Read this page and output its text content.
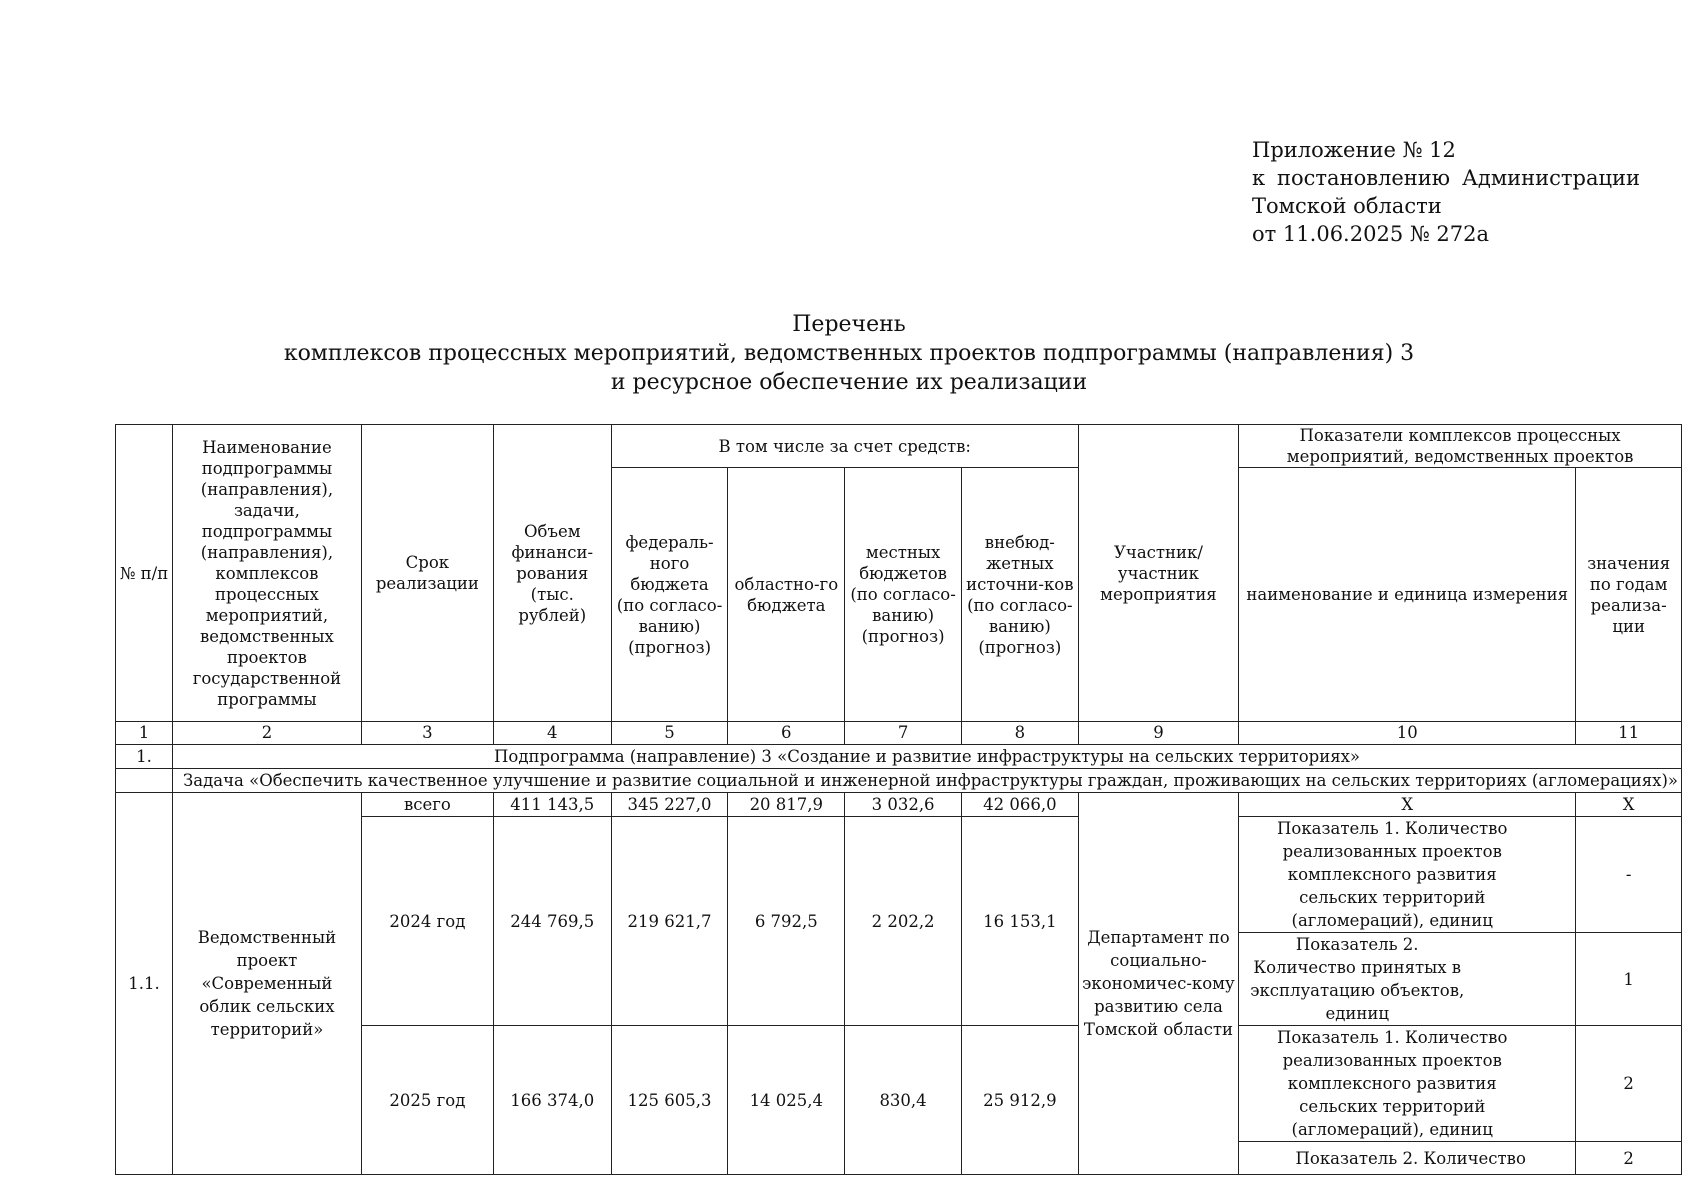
Приложение № 12
к постановлению Администрации
Томской области
от 11.06.2025 № 272а
Перечень
комплексов процессных мероприятий, ведомственных проектов подпрограммы (направления) 3
и ресурсное обеспечение их реализации
№ п/п	Наименование подпрограммы (направления), задачи, подпрограммы (направления), комплексов процессных мероприятий, ведомственных проектов государственной программы	Срок реализации	Объем финанси-рования (тыс. рублей)	В том числе за счет средств:				Участник/ участник мероприятия	Показатели комплексов процессных мероприятий, ведомственных проектов	
				федераль-ного бюджета (по согласо-ванию) (прогноз)	областно-го бюджета	местных бюджетов (по согласо-ванию) (прогноз)	внебюд-жетных источни-ков (по согласо-ванию) (прогноз)		наименование и единица измерения	значения по годам реализа-ции
1	2	3	4	5	6	7	8	9	10	11
1.	Подпрограмма (направление) 3 «Создание и развитие инфраструктуры на сельских территориях»									
	Задача «Обеспечить качественное улучшение и развитие социальной и инженерной инфраструктуры граждан, проживающих на сельских территориях (агломерациях)»									
1.1.	Ведомственный проект «Современный облик сельских территорий»	всего	411 143,5	345 227,0	20 817,9	3 032,6	42 066,0	Департамент по социально-экономичес-кому развитию села Томской области	X	X
		2024 год	244 769,5	219 621,7	6 792,5	2 202,2	16 153,1		Показатель 1. Количество реализованных проектов комплексного развития сельских территорий (агломераций), единиц	-
									Показатель 2. Количество принятых в эксплуатацию объектов, единиц	1
		2025 год	166 374,0	125 605,3	14 025,4	830,4	25 912,9		Показатель 1. Количество реализованных проектов комплексного развития сельских территорий (агломераций), единиц	2
									Показатель 2. Количество	2
